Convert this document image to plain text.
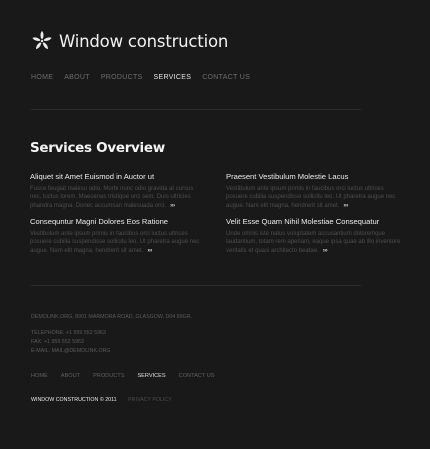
Window construction
HOME ABOUT PRODUCTS SERVICES CONTACT US
Services Overview
Aliquet sit Amet Euismod in Auctor ut

Fusce feugiat malesu odio. Morbi nunc odio gravida at cursus nec, luctus lorem. Maecenas tristique orci sem. Duis ultricies pharetra magna. Donec accumsan malesuada orci. ›››

Praesent Vestibulum Molestie Lacus

Vestibulum ante ipsum primis in faucibus orci luctus ultrices posuere cubilia suspendisse sollicitu leo. Ut pharetra augue nec augue. Nam elit magna, hendrerit sit amet. ›››

Consequntur Magni Dolores Eos Ratione

Vestibulum ante ipsum primis in faucibus orci luctus ultrices posuere cubilia suspendisse sollicitu leo. Ut pharetra augue nec augue. Nam elit magna, hendrerit sit amet. ›››

Velit Esse Quam Nihil Molestiae Consequatur

Unde omnis iste natus voluptatem accusantium doloremque laudantium, totam rem aperiam, eaque ipsa quae ab illo inventore veritatis et quasi architecto beatae. ›››

DEMOLINK.ORG, 8901 MARMORA ROAD, GLASGOW, D04 89GR.
TELEPHONE: +1 959 552 5963
FAX: +1 959 552 5963
E-MAIL: MAIL@DEMOLINK.ORG
HOME ABOUT PRODUCTS SERVICES CONTACT US
WINDOW CONSTRUCTION © 2011 PRIVACY POLICY
